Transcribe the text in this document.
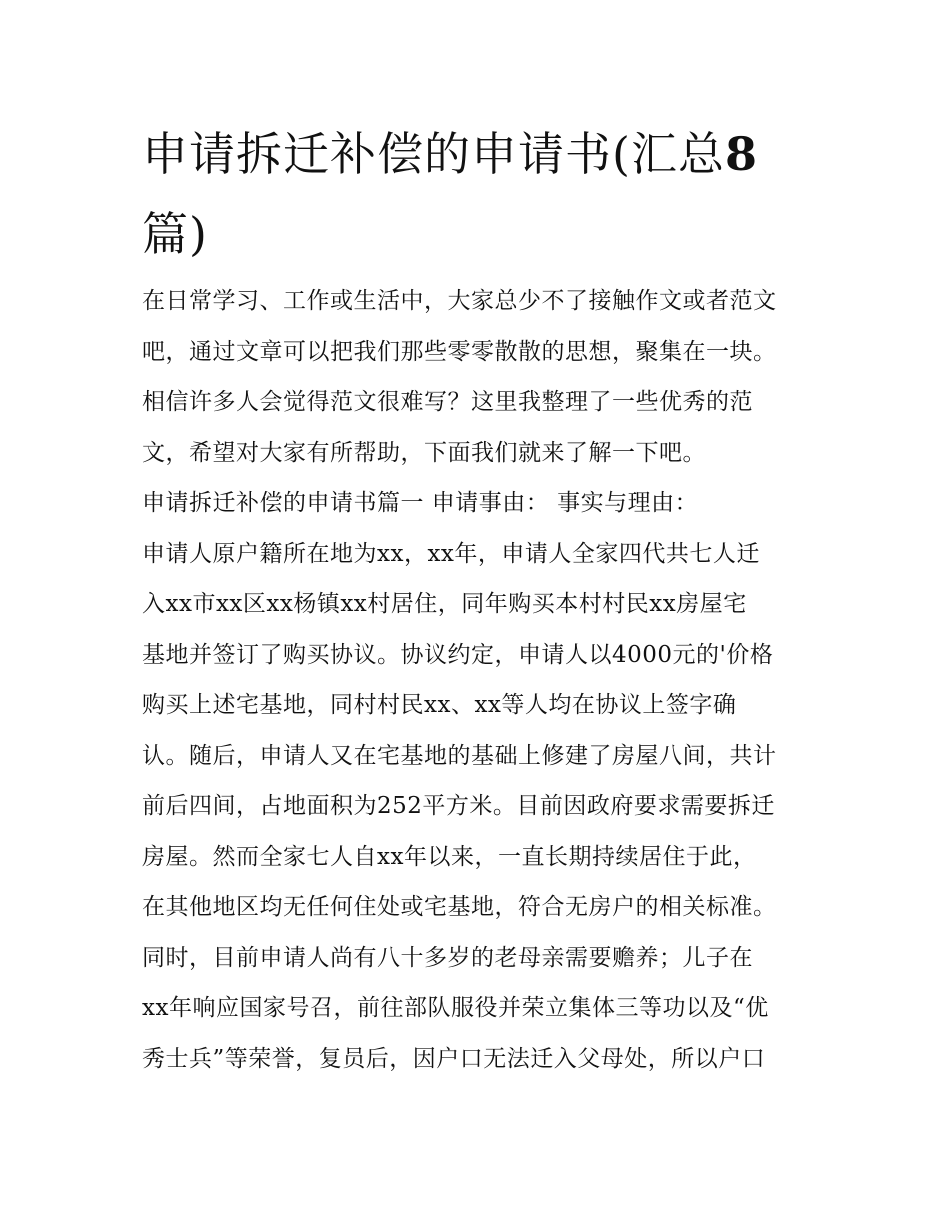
申请拆迁补偿的申请书(汇总8
篇)
在日常学习、工作或生活中，大家总少不了接触作文或者范文
吧，通过文章可以把我们那些零零散散的思想，聚集在一块。
相信许多人会觉得范文很难写？这里我整理了一些优秀的范
文，希望对大家有所帮助，下面我们就来了解一下吧。
申请拆迁补偿的申请书篇一 申请事由： 事实与理由：
申请人原户籍所在地为xx，xx年，申请人全家四代共七人迁
入xx市xx区xx杨镇xx村居住，同年购买本村村民xx房屋宅
基地并签订了购买协议。协议约定，申请人以4000元的'价格
购买上述宅基地，同村村民xx、xx等人均在协议上签字确
认。随后，申请人又在宅基地的基础上修建了房屋八间，共计
前后四间，占地面积为252平方米。目前因政府要求需要拆迁
房屋。然而全家七人自xx年以来，一直长期持续居住于此，
在其他地区均无任何住处或宅基地，符合无房户的相关标准。
同时，目前申请人尚有八十多岁的老母亲需要赡养；儿子在
xx年响应国家号召，前往部队服役并荣立集体三等功以及“优
秀士兵”等荣誉，复员后，因户口无法迁入父母处，所以户口
